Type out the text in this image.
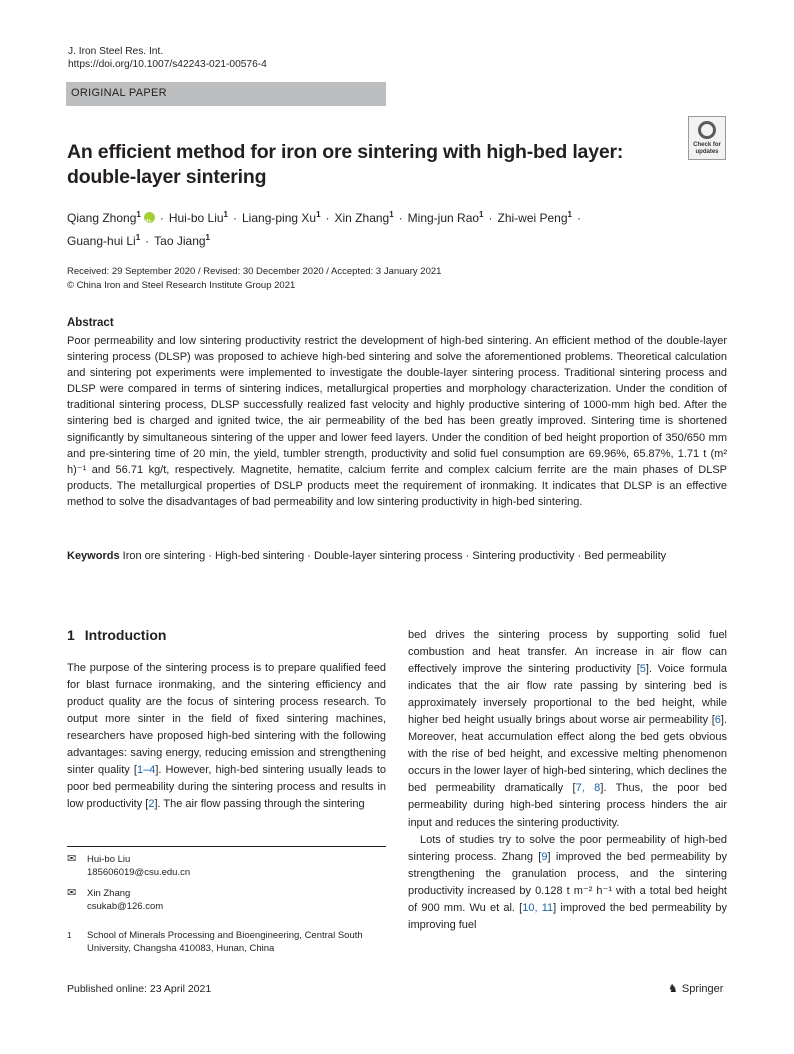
J. Iron Steel Res. Int.
https://doi.org/10.1007/s42243-021-00576-4
ORIGINAL PAPER
Check for updates
An efficient method for iron ore sintering with high-bed layer: double-layer sintering
Qiang Zhong$^1$iD · Hui-bo Liu$^1$ · Liang-ping $Xu^1$ · Xin Zhang$^1$ · Ming-jun Rao$^1$ · Zhi-wei Peng$^1$ ·
Guang-hui $Li^1$ · Tao Jiang$^1$
Received: 29 September 2020 / Revised: 30 December 2020 / Accepted: 3 January 2021
© China Iron and Steel Research Institute Group 2021
Abstract
Poor permeability and low sintering productivity restrict the development of high-bed sintering. An efficient method of the double-layer sintering process (DLSP) was proposed to achieve high-bed sintering and solve the aforementioned problems. Theoretical calculation and sintering pot experiments were implemented to investigate the double-layer sintering process. Traditional sintering process and DLSP were compared in terms of sintering indices, metallurgical properties and morphology characterization. Under the condition of traditional sintering process, DLSP successfully realized fast velocity and highly productive sintering of 1000-mm high bed. After the sintering bed is charged and ignited twice, the air permeability of the bed has been greatly improved. Sintering time is shortened significantly by simultaneous sintering of the upper and lower feed layers. Under the condition of bed height proportion of 350/650 mm and pre-sintering time of 20 min, the yield, tumbler strength, productivity and solid fuel consumption are 69.96%, 65.87%, 1.71 t (m² h)⁻¹ and 56.71 kg/t, respectively. Magnetite, hematite, calcium ferrite and complex calcium ferrite are the main phases of DLSP products. The metallurgical properties of DSLP products meet the requirement of ironmaking. It indicates that DLSP is an effective method to solve the disadvantages of bad permeability and low sintering productivity in high-bed sintering.
Keywords Iron ore sintering · High-bed sintering · Double-layer sintering process · Sintering productivity · Bed permeability
1 Introduction

The purpose of the sintering process is to prepare qualified feed for blast furnace ironmaking, and the sintering efficiency and product quality are the focus of sintering process research. To output more sinter in the field of fixed sintering machines, researchers have proposed high-bed sintering with the following advantages: saving energy, reducing emission and strengthening sinter quality [1–4]. However, high-bed sintering usually leads to poor bed permeability during the sintering process and results in low productivity [2]. The air flow passing through the sintering

bed drives the sintering process by supporting solid fuel combustion and heat transfer. An increase in air flow can effectively improve the sintering productivity [5]. Voice formula indicates that the air flow rate passing by sintering bed is approximately inversely proportional to the bed height, while higher bed height usually brings about worse air permeability [6]. Moreover, heat accumulation effect along the bed gets obvious with the rise of bed height, and excessive melting phenomenon occurs in the lower layer of high-bed sintering, which declines the bed permeability dramatically [7, 8]. Thus, the poor bed permeability during high-bed sintering process hinders the air input and reduces the sintering productivity.

Lots of studies try to solve the poor permeability of high-bed sintering process. Zhang [9] improved the bed permeability by strengthening the granulation process, and the sintering productivity increased by 0.128 t m⁻² h⁻¹ with a total bed height of 900 mm. Wu et al. [10, 11] improved the bed permeability by improving fuel

✉ Hui-bo Liu
185606019@csu.edu.cn
✉ Xin Zhang
csukab@126.com
1 School of Minerals Processing and Bioengineering, Central South University, Changsha 410083, Hunan, China
Published online: 23 April 2021	♞ Springer
